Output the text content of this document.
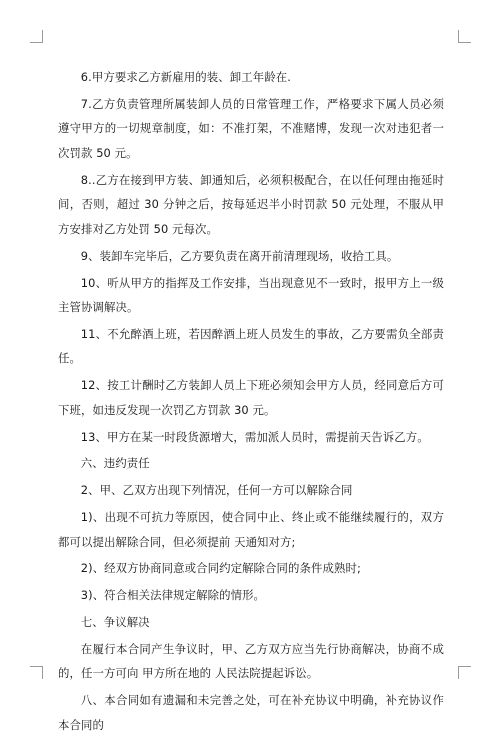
6.甲方要求乙方新雇用的装、卸工年龄在.

7.乙方负责管理所属装卸人员的日常管理工作，严格要求下属人员必须遵守甲方的一切规章制度，如：不准打架，不准赌博，发现一次对违犯者一次罚款 50 元。

8..乙方在接到甲方装、卸通知后，必须积极配合，在以任何理由拖延时间，否则，超过 30 分钟之后，按每延迟半小时罚款 50 元处理，不服从甲方安排对乙方处罚 50 元每次。

9、装卸车完毕后，乙方要负责在离开前清理现场，收拾工具。

10、听从甲方的指挥及工作安排，当出现意见不一致时，报甲方上一级主管协调解决。

11、不允醉酒上班，若因醉酒上班人员发生的事故，乙方要需负全部责任。

12、按工计酬时乙方装卸人员上下班必须知会甲方人员，经同意后方可下班，如违反发现一次罚乙方罚款 30 元。

13、甲方在某一时段货源增大，需加派人员时，需提前天告诉乙方。

六、违约责任

2、甲、乙双方出现下列情况，任何一方可以解除合同

1)、出现不可抗力等原因，使合同中止、终止或不能继续履行的，双方都可以提出解除合同，但必须提前 天通知对方;

2)、经双方协商同意或合同约定解除合同的条件成熟时;

3)、符合相关法律规定解除的情形。

七、争议解决

在履行本合同产生争议时，甲、乙方双方应当先行协商解决，协商不成的，任一方可向 甲方所在地的 人民法院提起诉讼。

八、本合同如有遗漏和未完善之处，可在补充协议中明确，补充协议作本合同的
